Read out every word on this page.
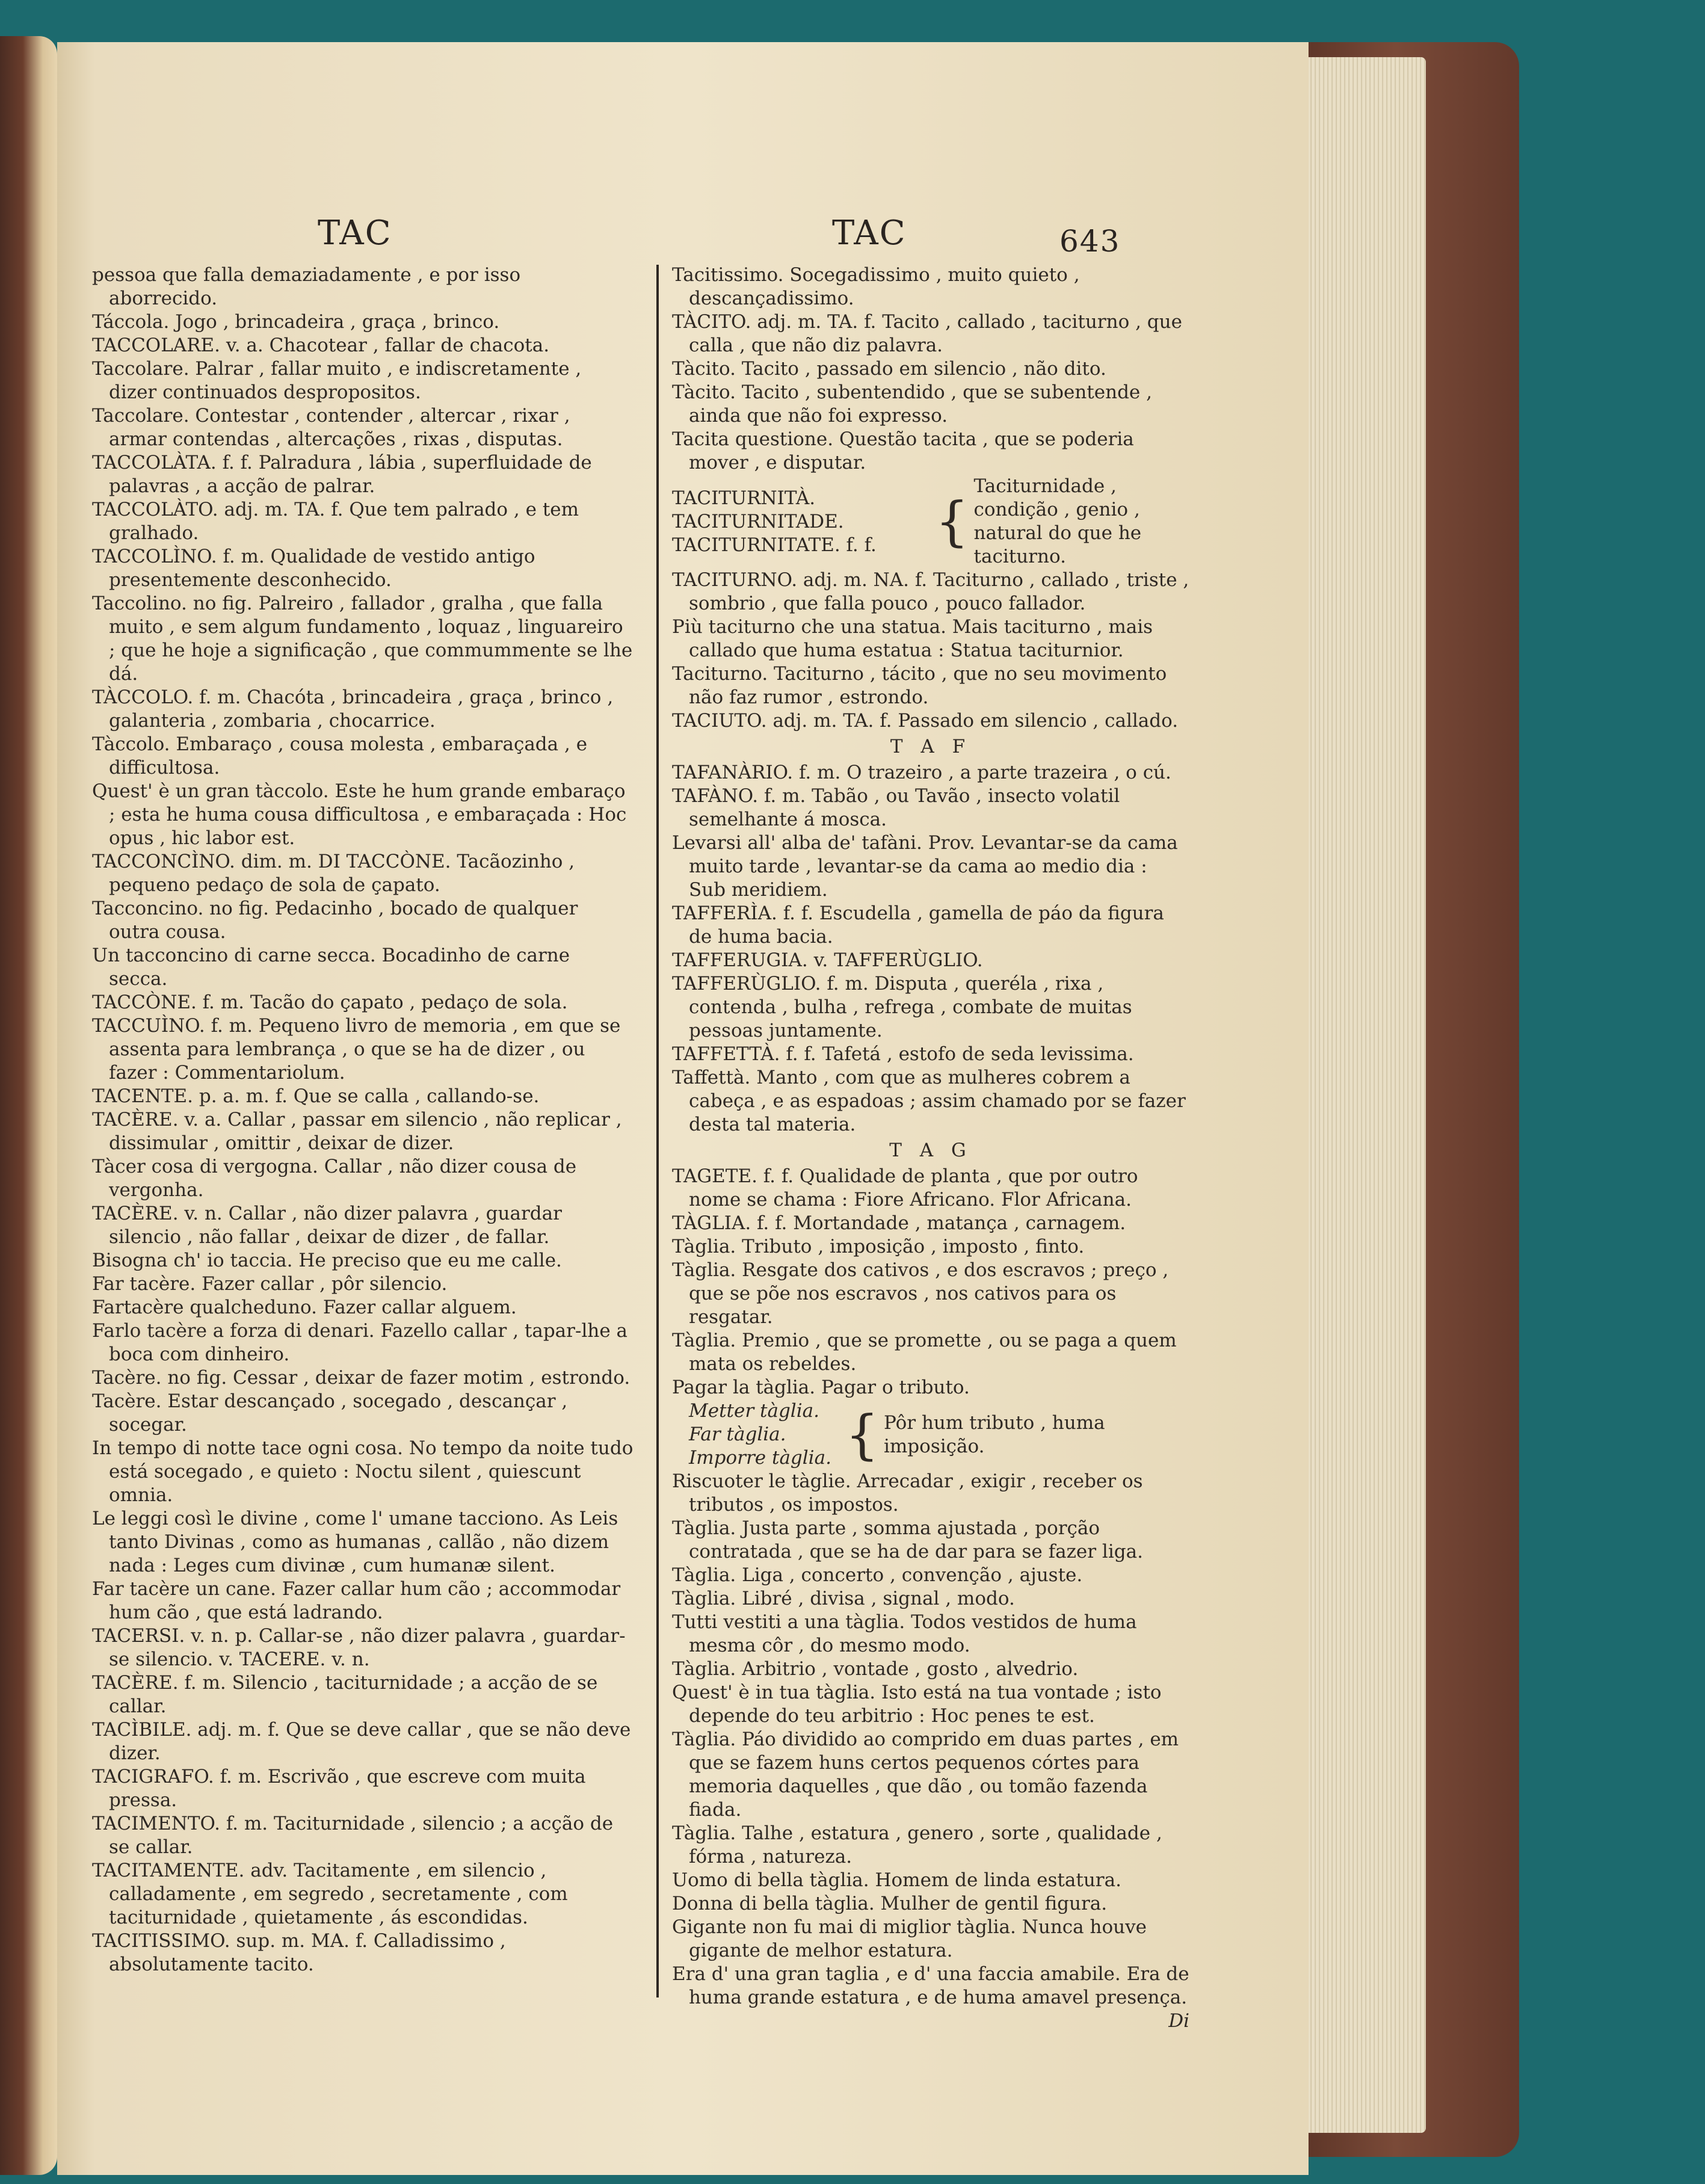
TAC	TAC	643

pessoa que falla demaziadamente , e por isso aborrecido.

Táccola. Jogo , brincadeira , graça , brinco.

TACCOLARE. v. a. Chacotear , fallar de chacota.

Taccolare. Palrar , fallar muito , e indiscretamente , dizer continuados despropositos.

Taccolare. Contestar , contender , altercar , rixar , armar contendas , altercações , rixas , disputas.

TACCOLÀTA. f. f. Palradura , lábia , superfluidade de palavras , a acção de palrar.

TACCOLÀTO. adj. m. TA. f. Que tem palrado , e tem gralhado.

TACCOLÌNO. f. m. Qualidade de vestido antigo presentemente desconhecido.

Taccolino. no fig. Palreiro , fallador , gralha , que falla muito , e sem algum fundamento , loquaz , linguareiro ; que he hoje a significação , que commummente se lhe dá.

TÀCCOLO. f. m. Chacóta , brincadeira , graça , brinco , galanteria , zombaria , chocarrice.

Tàccolo. Embaraço , cousa molesta , embaraçada , e difficultosa.

Quest' è un gran tàccolo. Este he hum grande embaraço ; esta he huma cousa difficultosa , e embaraçada : Hoc opus , hic labor est.

TACCONCÌNO. dim. m. DI TACCÒNE. Tacãozinho , pequeno pedaço de sola de çapato.

Tacconcino. no fig. Pedacinho , bocado de qualquer outra cousa.

Un tacconcino di carne secca. Bocadinho de carne secca.

TACCÒNE. f. m. Tacão do çapato , pedaço de sola.

TACCUÌNO. f. m. Pequeno livro de memoria , em que se assenta para lembrança , o que se ha de dizer , ou fazer : Commentariolum.

TACENTE. p. a. m. f. Que se calla , callando-se.

TACÈRE. v. a. Callar , passar em silencio , não replicar , dissimular , omittir , deixar de dizer.

Tàcer cosa di vergogna. Callar , não dizer cousa de vergonha.

TACÈRE. v. n. Callar , não dizer palavra , guardar silencio , não fallar , deixar de dizer , de fallar.

Bisogna ch' io taccia. He preciso que eu me calle.

Far tacère. Fazer callar , pôr silencio.

Fartacère qualcheduno. Fazer callar alguem.

Farlo tacère a forza di denari. Fazello callar , tapar-lhe a boca com dinheiro.

Tacère. no fig. Cessar , deixar de fazer motim , estrondo.

Tacère. Estar descançado , socegado , descançar , socegar.

In tempo di notte tace ogni cosa. No tempo da noite tudo está socegado , e quieto : Noctu silent , quiescunt omnia.

Le leggi così le divine , come l' umane tacciono. As Leis tanto Divinas , como as humanas , callão , não dizem nada : Leges cum divinæ , cum humanæ silent.

Far tacère un cane. Fazer callar hum cão ; accommodar hum cão , que está ladrando.

TACERSI. v. n. p. Callar-se , não dizer palavra , guardar-se silencio. v. TACERE. v. n.

TACÈRE. f. m. Silencio , taciturnidade ; a acção de se callar.

TACÌBILE. adj. m. f. Que se deve callar , que se não deve dizer.

TACIGRAFO. f. m. Escrivão , que escreve com muita pressa.

TACIMENTO. f. m. Taciturnidade , silencio ; a acção de se callar.

TACITAMENTE. adv. Tacitamente , em silencio , calladamente , em segredo , secretamente , com taciturnidade , quietamente , ás escondidas.

TACITISSIMO. sup. m. MA. f. Calladissimo , absolutamente tacito.

Tacitissimo. Socegadissimo , muito quieto , descançadissimo.

TÀCITO. adj. m. TA. f. Tacito , callado , taciturno , que calla , que não diz palavra.

Tàcito. Tacito , passado em silencio , não dito.

Tàcito. Tacito , subentendido , que se subentende , ainda que não foi expresso.

Tacita questione. Questão tacita , que se poderia mover , e disputar.

TACITURNITÀ.

TACITURNITADE.

TACITURNITATE. f. f.	{	Taciturnidade , condição , genio , natural do que he taciturno.

TACITURNO. adj. m. NA. f. Taciturno , callado , triste , sombrio , que falla pouco , pouco fallador.

Più taciturno che una statua. Mais taciturno , mais callado que huma estatua : Statua taciturnior.

Taciturno. Taciturno , tácito , que no seu movimento não faz rumor , estrondo.

TACIUTO. adj. m. TA. f. Passado em silencio , callado.

T A F

TAFANÀRIO. f. m. O trazeiro , a parte trazeira , o cú.

TAFÀNO. f. m. Tabão , ou Tavão , insecto volatil semelhante á mosca.

Levarsi all' alba de' tafàni. Prov. Levantar-se da cama muito tarde , levantar-se da cama ao medio dia : Sub meridiem.

TAFFERÌA. f. f. Escudella , gamella de páo da figura de huma bacia.

TAFFERUGIA. v. TAFFERÙGLIO.

TAFFERÙGLIO. f. m. Disputa , queréla , rixa , contenda , bulha , refrega , combate de muitas pessoas juntamente.

TAFFETTÀ. f. f. Tafetá , estofo de seda levissima.

Taffettà. Manto , com que as mulheres cobrem a cabeça , e as espadoas ; assim chamado por se fazer desta tal materia.

T A G

TAGETE. f. f. Qualidade de planta , que por outro nome se chama : Fiore Africano. Flor Africana.

TÀGLIA. f. f. Mortandade , matança , carnagem.

Tàglia. Tributo , imposição , imposto , finto.

Tàglia. Resgate dos cativos , e dos escravos ; preço , que se põe nos escravos , nos cativos para os resgatar.

Tàglia. Premio , que se promette , ou se paga a quem mata os rebeldes.

Pagar la tàglia. Pagar o tributo.

Metter tàglia.

Far tàglia.

Imporre tàglia.	{	Pôr hum tributo , huma imposição.

Riscuoter le tàglie. Arrecadar , exigir , receber os tributos , os impostos.

Tàglia. Justa parte , somma ajustada , porção contratada , que se ha de dar para se fazer liga.

Tàglia. Liga , concerto , convenção , ajuste.

Tàglia. Libré , divisa , signal , modo.

Tutti vestiti a una tàglia. Todos vestidos de huma mesma côr , do mesmo modo.

Tàglia. Arbitrio , vontade , gosto , alvedrio.

Quest' è in tua tàglia. Isto está na tua vontade ; isto depende do teu arbitrio : Hoc penes te est.

Tàglia. Páo dividido ao comprido em duas partes , em que se fazem huns certos pequenos córtes para memoria daquelles , que dão , ou tomão fazenda fiada.

Tàglia. Talhe , estatura , genero , sorte , qualidade , fórma , natureza.

Uomo di bella tàglia. Homem de linda estatura.

Donna di bella tàglia. Mulher de gentil figura.

Gigante non fu mai di miglior tàglia. Nunca houve gigante de melhor estatura.

Era d' una gran taglia , e d' una faccia amabile. Era de huma grande estatura , e de huma amavel presença.

Di
